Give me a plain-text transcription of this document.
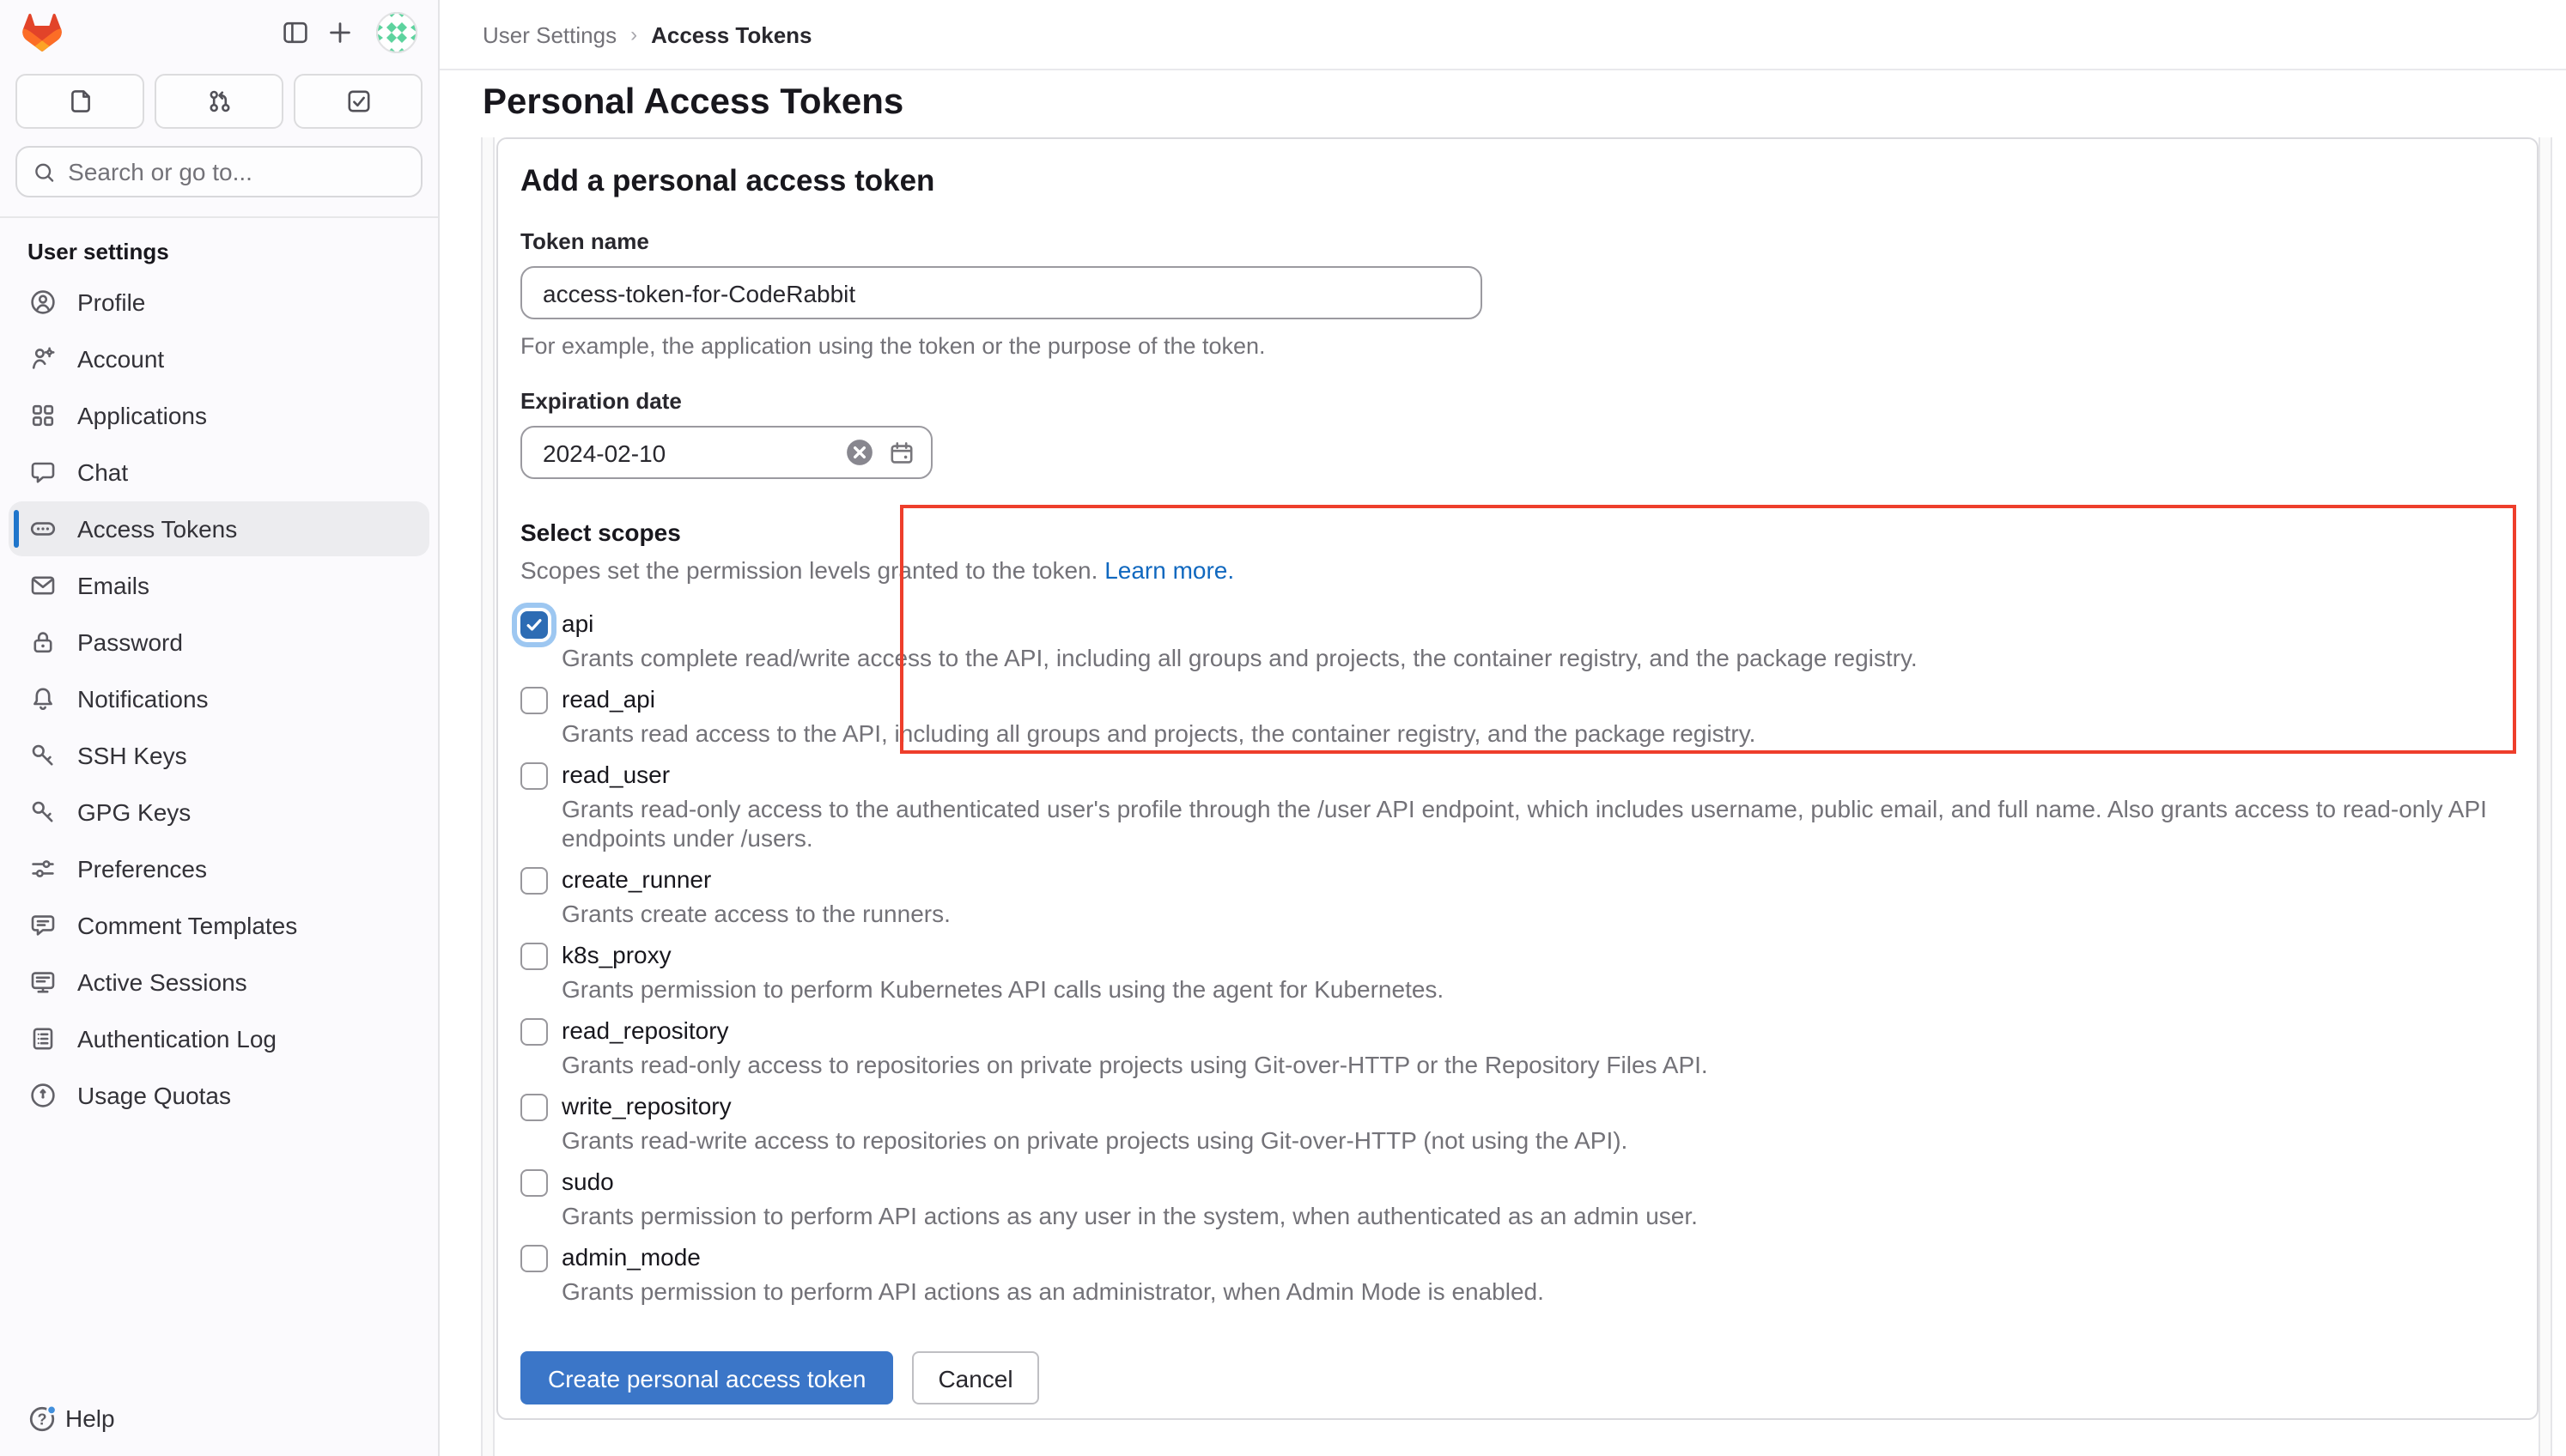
Search or go to...
User settings
Profile
Account
Applications
Chat
Access Tokens
Emails
Password
Notifications
SSH Keys
GPG Keys
Preferences
Comment Templates
Active Sessions
Authentication Log
Usage Quotas
? Help
User Settings › Access Tokens
Personal Access Tokens
Add a personal access token
Token name
access-token-for-CodeRabbit
For example, the application using the token or the purpose of the token.
Expiration date
2024-02-10
Select scopes
Scopes set the permission levels granted to the token. Learn more.
api
Grants complete read/write access to the API, including all groups and projects, the container registry, and the package registry.
read_api
Grants read access to the API, including all groups and projects, the container registry, and the package registry.
read_user
Grants read-only access to the authenticated user's profile through the /user API endpoint, which includes username, public email, and full name. Also grants access to read-only API endpoints under /users.
create_runner
Grants create access to the runners.
k8s_proxy
Grants permission to perform Kubernetes API calls using the agent for Kubernetes.
read_repository
Grants read-only access to repositories on private projects using Git-over-HTTP or the Repository Files API.
write_repository
Grants read-write access to repositories on private projects using Git-over-HTTP (not using the API).
sudo
Grants permission to perform API actions as any user in the system, when authenticated as an admin user.
admin_mode
Grants permission to perform API actions as an administrator, when Admin Mode is enabled.
Create personal access token	Cancel
